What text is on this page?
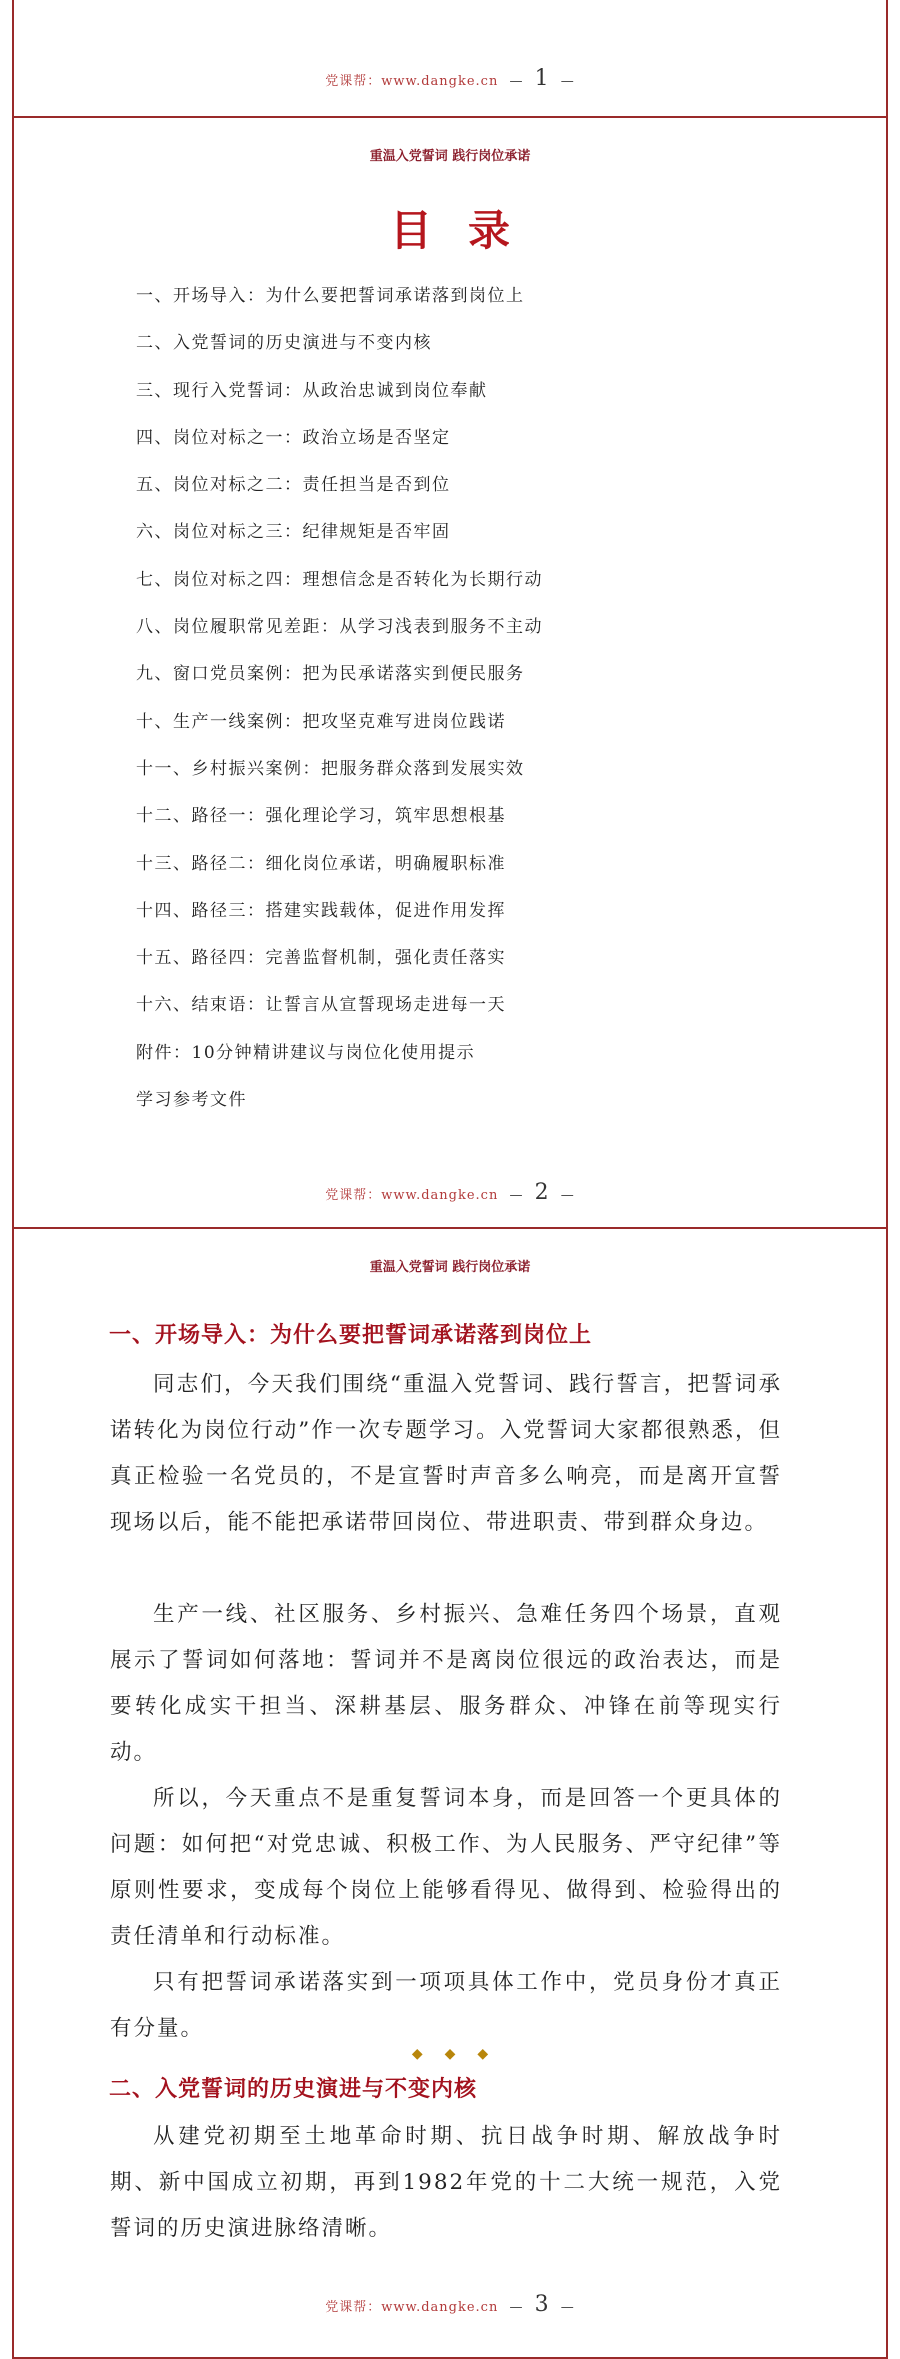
党课帮：www.dangke.cn — 1 —
重温入党誓词 践行岗位承诺
目录
一、开场导入：为什么要把誓词承诺落到岗位上
二、入党誓词的历史演进与不变内核
三、现行入党誓词：从政治忠诚到岗位奉献
四、岗位对标之一：政治立场是否坚定
五、岗位对标之二：责任担当是否到位
六、岗位对标之三：纪律规矩是否牢固
七、岗位对标之四：理想信念是否转化为长期行动
八、岗位履职常见差距：从学习浅表到服务不主动
九、窗口党员案例：把为民承诺落实到便民服务
十、生产一线案例：把攻坚克难写进岗位践诺
十一、乡村振兴案例：把服务群众落到发展实效
十二、路径一：强化理论学习，筑牢思想根基
十三、路径二：细化岗位承诺，明确履职标准
十四、路径三：搭建实践载体，促进作用发挥
十五、路径四：完善监督机制，强化责任落实
十六、结束语：让誓言从宣誓现场走进每一天
附件：10分钟精讲建议与岗位化使用提示
学习参考文件
党课帮：www.dangke.cn — 2 —
重温入党誓词 践行岗位承诺
一、开场导入：为什么要把誓词承诺落到岗位上

同志们，今天我们围绕“重温入党誓词、践行誓言，把誓词承诺转化为岗位行动”作一次专题学习。入党誓词大家都很熟悉，但真正检验一名党员的，不是宣誓时声音多么响亮，而是离开宣誓现场以后，能不能把承诺带回岗位、带进职责、带到群众身边。

生产一线、社区服务、乡村振兴、急难任务四个场景，直观展示了誓词如何落地：誓词并不是离岗位很远的政治表达，而是要转化成实干担当、深耕基层、服务群众、冲锋在前等现实行动。

所以，今天重点不是重复誓词本身，而是回答一个更具体的问题：如何把“对党忠诚、积极工作、为人民服务、严守纪律”等原则性要求，变成每个岗位上能够看得见、做得到、检验得出的责任清单和行动标准。

只有把誓词承诺落实到一项项具体工作中，党员身份才真正有分量。

◆◆◆
二、入党誓词的历史演进与不变内核

从建党初期至土地革命时期、抗日战争时期、解放战争时期、新中国成立初期，再到1982年党的十二大统一规范，入党誓词的历史演进脉络清晰。

党课帮：www.dangke.cn — 3 —
